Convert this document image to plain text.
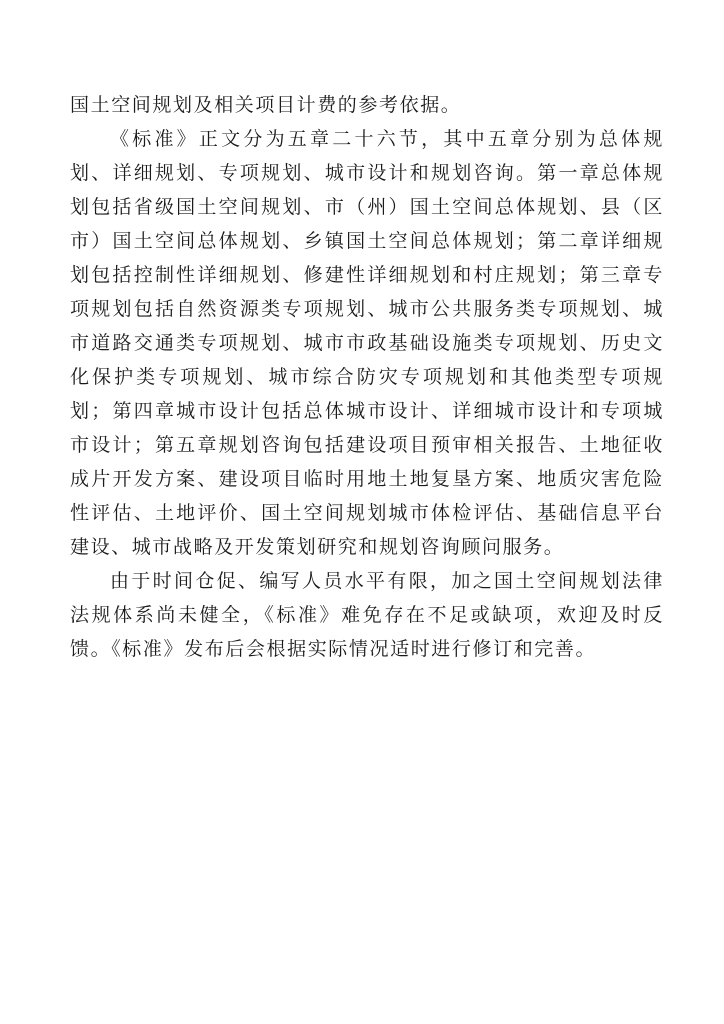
国土空间规划及相关项目计费的参考依据。

《标准》正文分为五章二十六节，其中五章分别为总体规划、详细规划、专项规划、城市设计和规划咨询。第一章总体规划包括省级国土空间规划、市（州）国土空间总体规划、县（区市）国土空间总体规划、乡镇国土空间总体规划；第二章详细规划包括控制性详细规划、修建性详细规划和村庄规划；第三章专项规划包括自然资源类专项规划、城市公共服务类专项规划、城市道路交通类专项规划、城市市政基础设施类专项规划、历史文化保护类专项规划、城市综合防灾专项规划和其他类型专项规划；第四章城市设计包括总体城市设计、详细城市设计和专项城市设计；第五章规划咨询包括建设项目预审相关报告、土地征收成片开发方案、建设项目临时用地土地复垦方案、地质灾害危险性评估、土地评价、国土空间规划城市体检评估、基础信息平台建设、城市战略及开发策划研究和规划咨询顾问服务。

由于时间仓促、编写人员水平有限，加之国土空间规划法律法规体系尚未健全，《标准》难免存在不足或缺项，欢迎及时反馈。《标准》发布后会根据实际情况适时进行修订和完善。
